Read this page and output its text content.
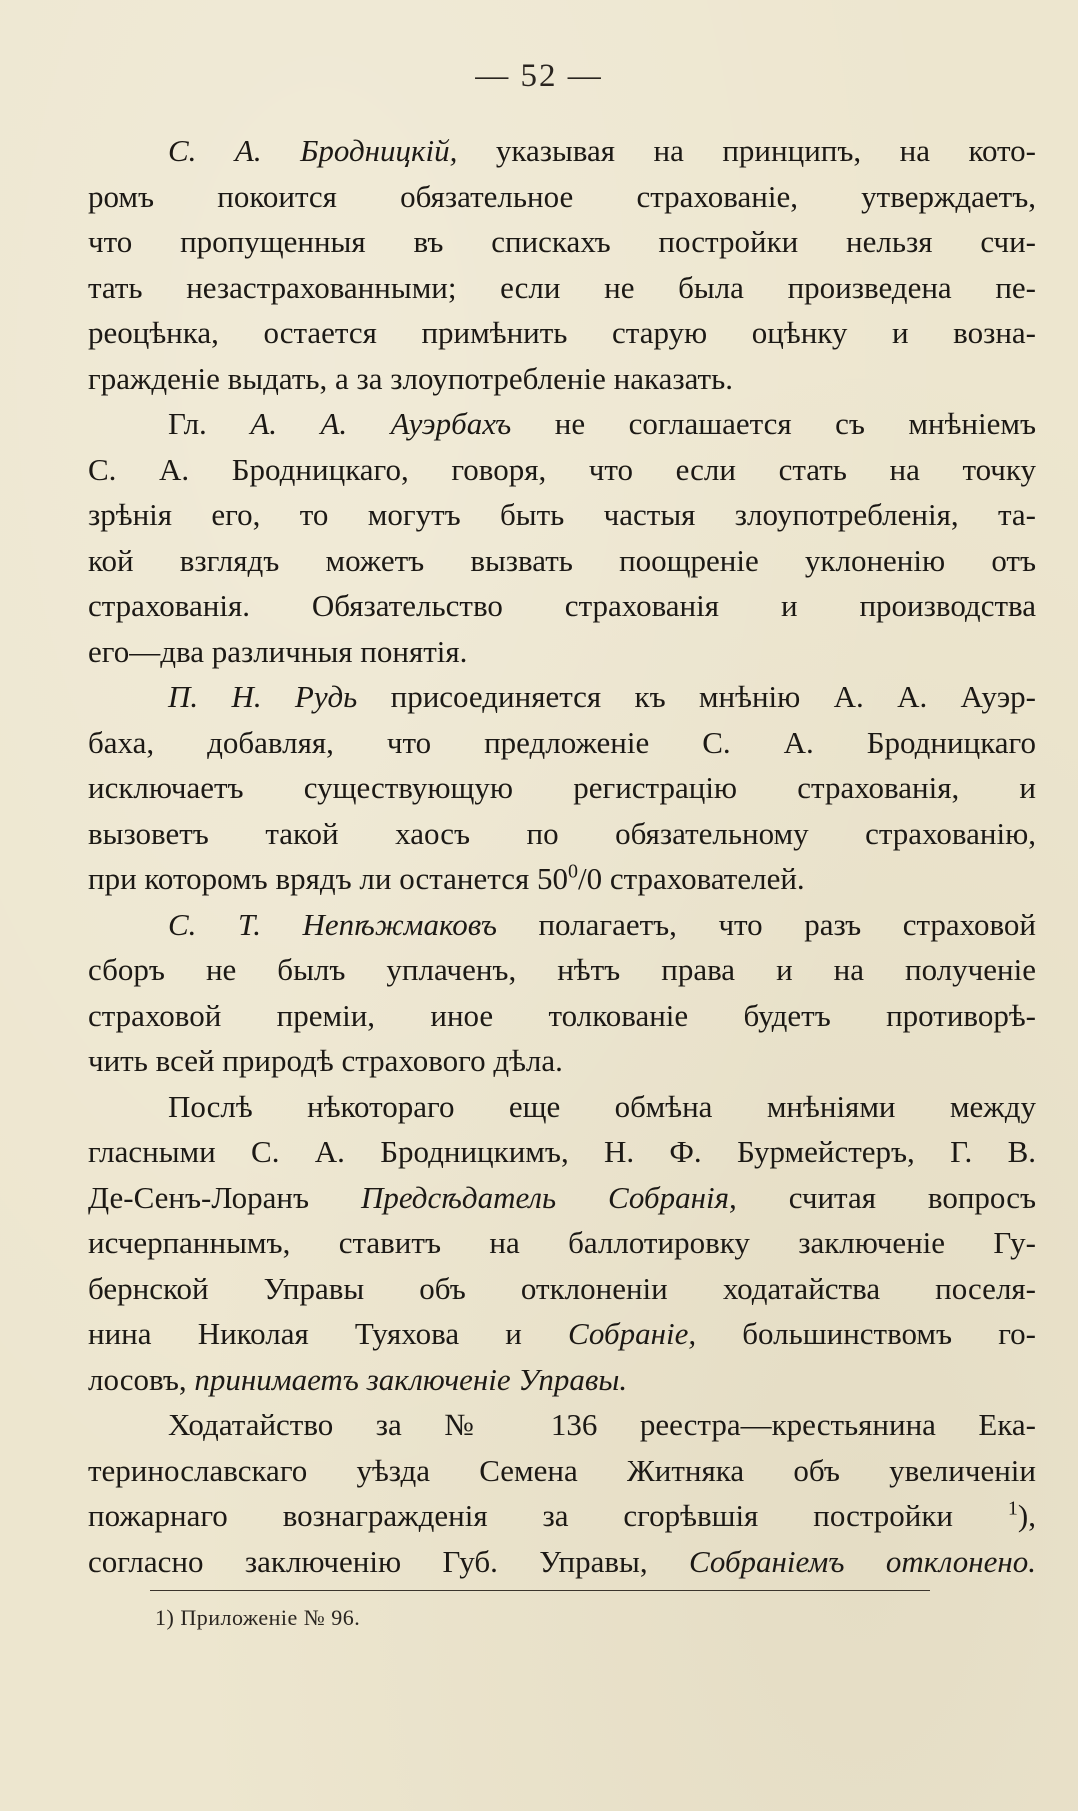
— 52 —
С. А. Бродницкiй, указывая на принципъ, на кото-
ромъ покоится обязательное страхованiе, утверждаетъ,
что пропущенныя въ спискахъ постройки нельзя счи-
тать незастрахованными; если не была произведена пе-
реоцѣнка, остается примѣнить старую оцѣнку и возна-
гражденiе выдать, а за злоупотребленiе наказать.
Гл. А. А. Ауэрбахъ не соглашается съ мнѣнiемъ
С. А. Бродницкаго, говоря, что если стать на точку
зрѣнiя его, то могутъ быть частыя злоупотребленiя, та-
кой взглядъ можетъ вызвать поощренiе уклоненiю отъ
страхованiя. Обязательство страхованiя и производства
его—два различныя понятiя.
П. Н. Рудь присоединяется къ мнѣнiю А. А. Ауэр-
баха, добавляя, что предложенiе С. А. Бродницкаго
исключаетъ существующую регистрацiю страхованiя, и
вызоветъ такой хаосъ по обязательному страхованiю,
при которомъ врядъ ли останется $50^0/0$ страхователей.
С. Т. Непѣжмаковъ полагаетъ, что разъ страховой
сборъ не былъ уплаченъ, нѣтъ права и на полученiе
страховой премiи, иное толкованiе будетъ противорѣ-
чить всей природѣ страхового дѣла.
Послѣ нѣкотораго еще обмѣна мнѣнiями между
гласными С. А. Бродницкимъ, Н. Ф. Бурмейстеръ, Г. В.
Де-Сенъ-Лоранъ Предсѣдатель Собранiя, считая вопросъ
исчерпаннымъ, ставитъ на баллотировку заключенiе Гу-
бернской Управы объ отклоненiи ходатайства поселя-
нина Николая Туяхова и Собранiе, большинствомъ го-
лосовъ, принимаетъ заключенiе Управы.
Ходатайство за № 136 реестра—крестьянина Ека-
теринославскаго уѣзда Семена Житняка объ увеличенiи
пожарнаго вознагражденiя за сгорѣвшiя постройки $^1$),
согласно заключенiю Губ. Управы, Собранiемъ отклонено.
1) Приложенiе № 96.
